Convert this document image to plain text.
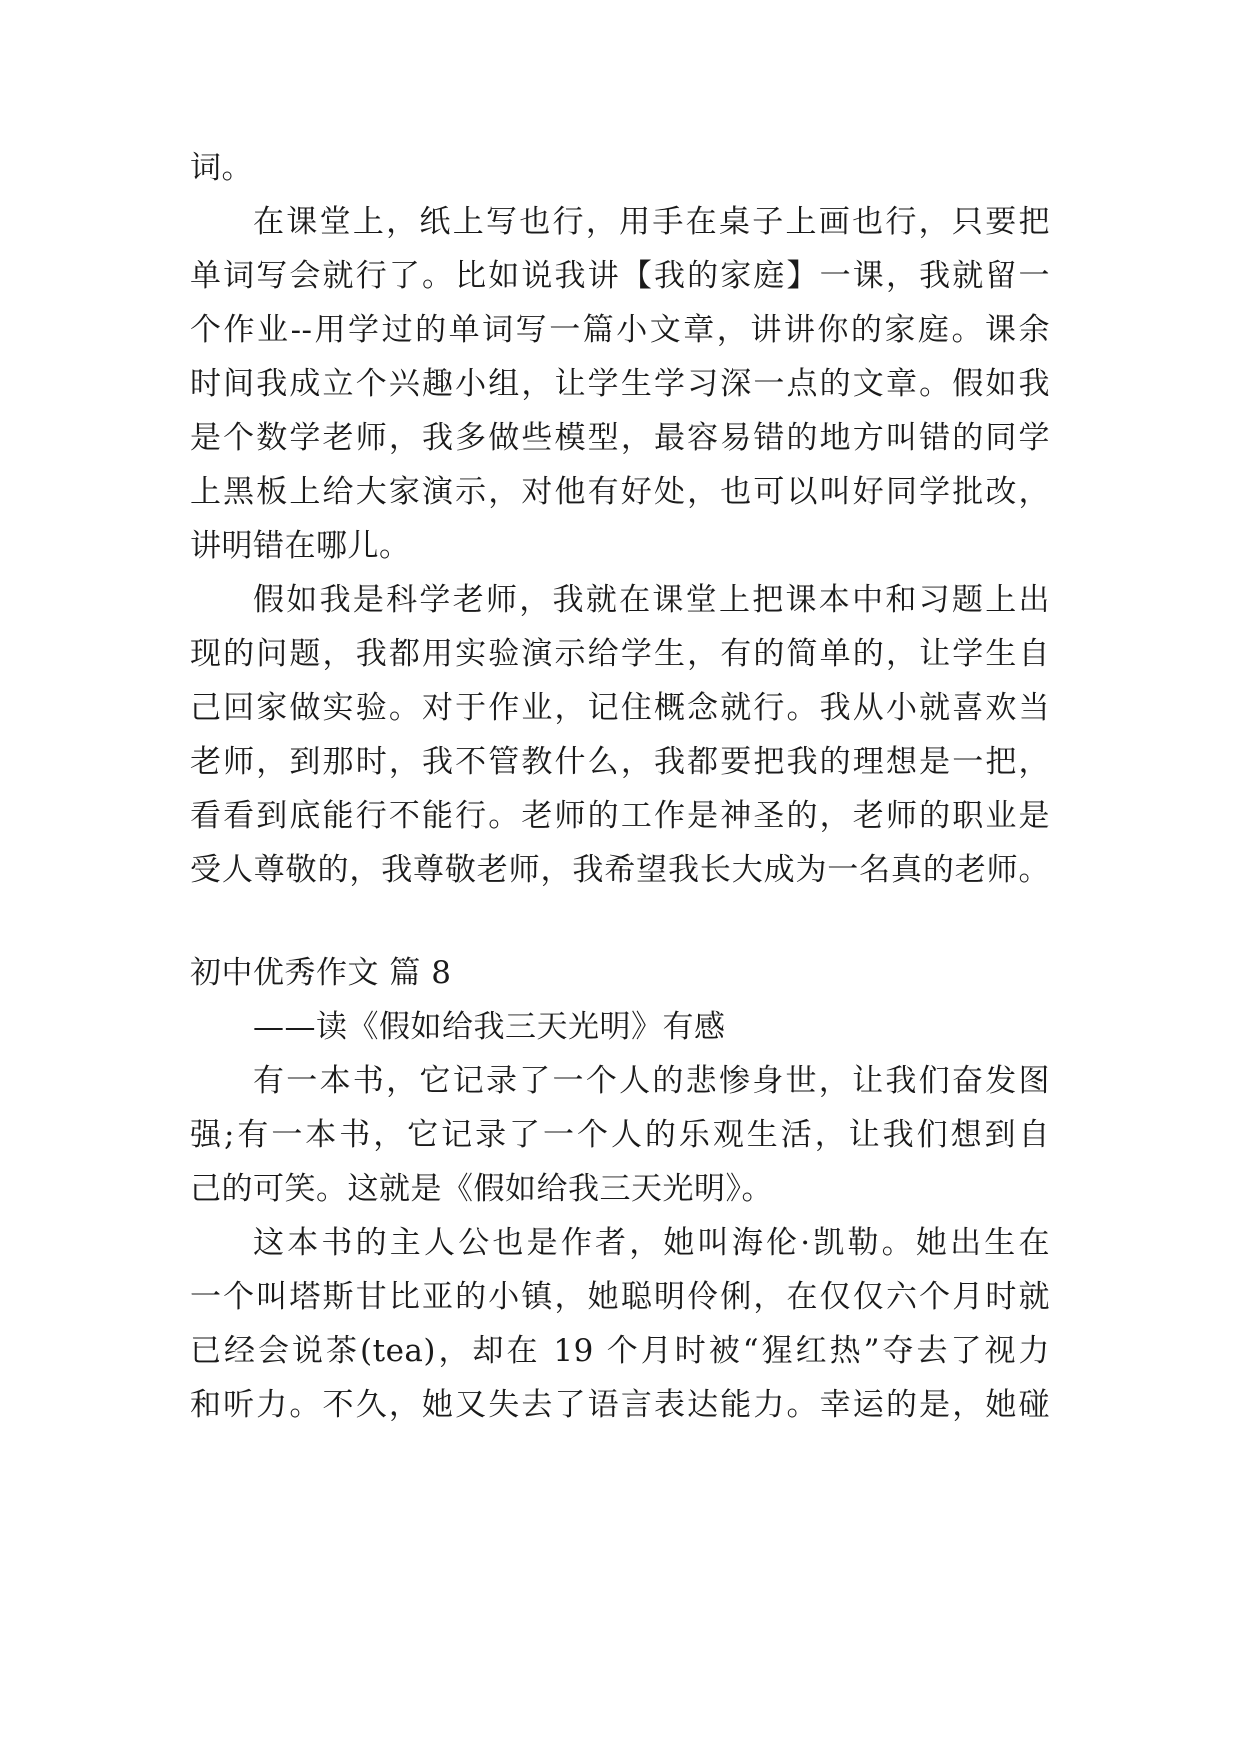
词。
在课堂上，纸上写也行，用手在桌子上画也行，只要把
单词写会就行了。比如说我讲【我的家庭】一课，我就留一
个作业--用学过的单词写一篇小文章，讲讲你的家庭。课余
时间我成立个兴趣小组，让学生学习深一点的文章。假如我
是个数学老师，我多做些模型，最容易错的地方叫错的同学
上黑板上给大家演示，对他有好处，也可以叫好同学批改，
讲明错在哪儿。
假如我是科学老师，我就在课堂上把课本中和习题上出
现的问题，我都用实验演示给学生，有的简单的，让学生自
己回家做实验。对于作业，记住概念就行。我从小就喜欢当
老师，到那时，我不管教什么，我都要把我的理想是一把，
看看到底能行不能行。老师的工作是神圣的，老师的职业是
受人尊敬的，我尊敬老师，我希望我长大成为一名真的老师。
初中优秀作文 篇 8
——读《假如给我三天光明》有感
有一本书，它记录了一个人的悲惨身世，让我们奋发图
强;有一本书，它记录了一个人的乐观生活，让我们想到自
己的可笑。这就是《假如给我三天光明》。
这本书的主人公也是作者，她叫海伦·凯勒。她出生在
一个叫塔斯甘比亚的小镇，她聪明伶俐，在仅仅六个月时就
已经会说茶(tea)，却在 19 个月时被“猩红热”夺去了视力
和听力。不久，她又失去了语言表达能力。幸运的是，她碰
